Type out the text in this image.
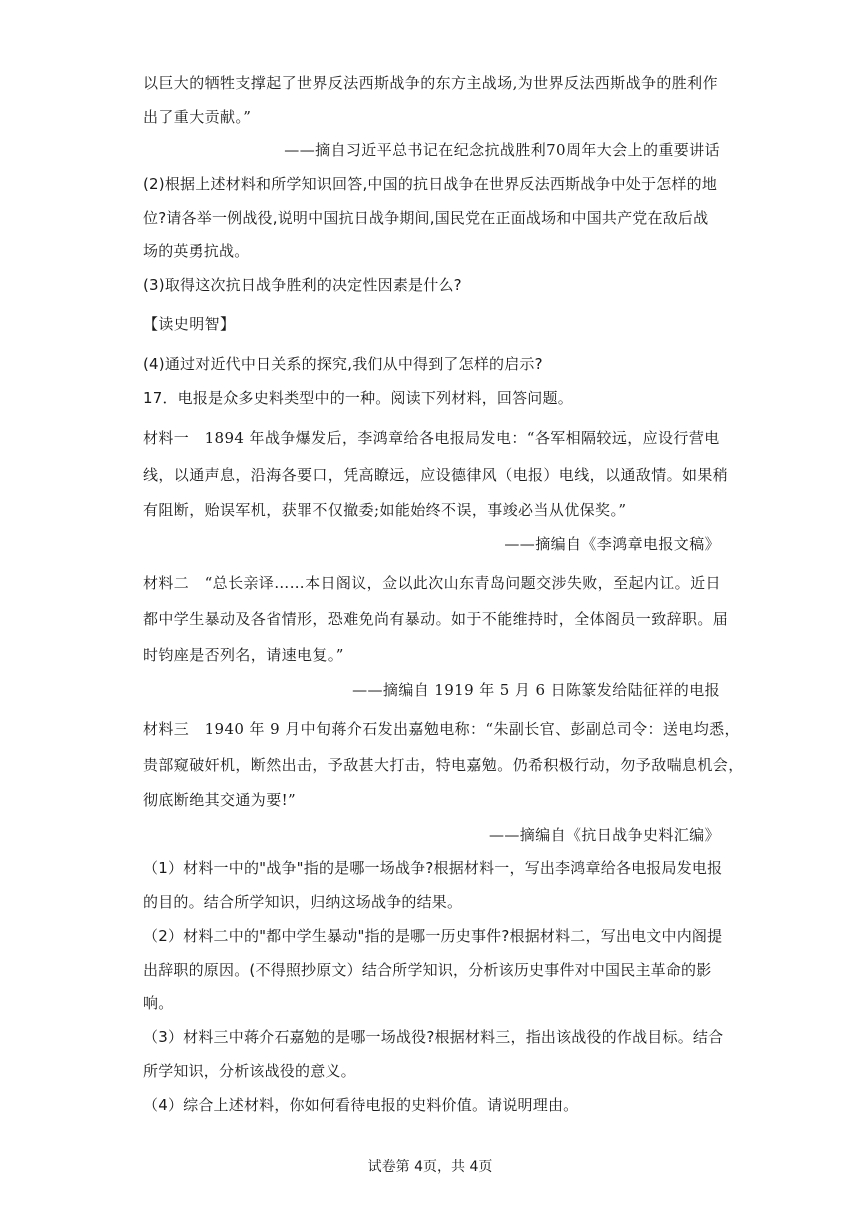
以巨大的牺牲支撑起了世界反法西斯战争的东方主战场,为世界反法西斯战争的胜利作
出了重大贡献。”
——摘自习近平总书记在纪念抗战胜利70周年大会上的重要讲话
(2)根据上述材料和所学知识回答,中国的抗日战争在世界反法西斯战争中处于怎样的地
位?请各举一例战役,说明中国抗日战争期间,国民党在正面战场和中国共产党在敌后战
场的英勇抗战。
(3)取得这次抗日战争胜利的决定性因素是什么?
【读史明智】
(4)通过对近代中日关系的探究,我们从中得到了怎样的启示?
17．电报是众多史料类型中的一种。阅读下列材料，回答问题。
材料一　1894 年战争爆发后，李鸿章给各电报局发电：“各军相隔较远，应设行营电
线，以通声息，沿海各要口，凭高瞭远，应设德律风（电报）电线，以通敌情。如果稍
有阻断，贻误军机，获罪不仅撤委;如能始终不误，事竣必当从优保奖。”
——摘编自《李鸿章电报文稿》
材料二　“总长亲译……本日阁议，佥以此次山东青岛问题交涉失败，至起内讧。近日
都中学生暴动及各省情形，恐难免尚有暴动。如于不能维持时，全体阁员一致辞职。届
时钧座是否列名，请速电复。”
——摘编自 1919 年 5 月 6 日陈篆发给陆征祥的电报
材料三　1940 年 9 月中旬蒋介石发出嘉勉电称：“朱副长官、彭副总司令：送电均悉，
贵部窥破奸机，断然出击，予敌甚大打击，特电嘉勉。仍希积极行动，勿予敌喘息机会，
彻底断绝其交通为要!”
——摘编自《抗日战争史料汇编》
（1）材料一中的"战争"指的是哪一场战争?根据材料一，写出李鸿章给各电报局发电报
的目的。结合所学知识，归纳这场战争的结果。
（2）材料二中的"都中学生暴动"指的是哪一历史事件?根据材料二，写出电文中内阁提
出辞职的原因。(不得照抄原文）结合所学知识，分析该历史事件对中国民主革命的影
响。
（3）材料三中蒋介石嘉勉的是哪一场战役?根据材料三，指出该战役的作战目标。结合
所学知识，分析该战役的意义。
（4）综合上述材料，你如何看待电报的史料价值。请说明理由。
试卷第 4页，共 4页
